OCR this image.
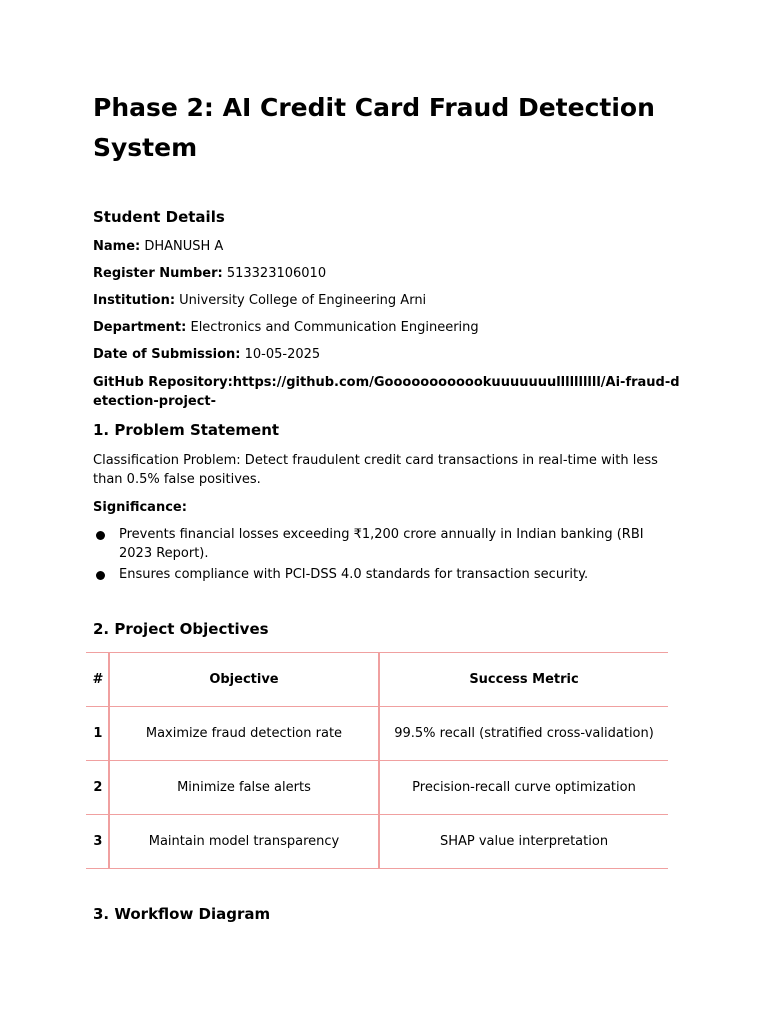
Phase 2: AI Credit Card Fraud Detection System
Student Details
Name: DHANUSH A
Register Number: 513323106010
Institution: University College of Engineering Arni
Department: Electronics and Communication Engineering
Date of Submission: 10-05-2025
GitHub Repository:https://github.com/Goooooooooookuuuuuuullllllllll/Ai-fraud-detection-project-
1. Problem Statement
Classification Problem: Detect fraudulent credit card transactions in real-time with less than 0.5% false positives.
Significance:
Prevents financial losses exceeding ₹1,200 crore annually in Indian banking (RBI 2023 Report).
Ensures compliance with PCI-DSS 4.0 standards for transaction security.
2. Project Objectives
3. Workflow Diagram
#	Objective	Success Metric
1	Maximize fraud detection rate	99.5% recall (stratified cross-validation)
2	Minimize false alerts	Precision-recall curve optimization
3	Maintain model transparency	SHAP value interpretation
